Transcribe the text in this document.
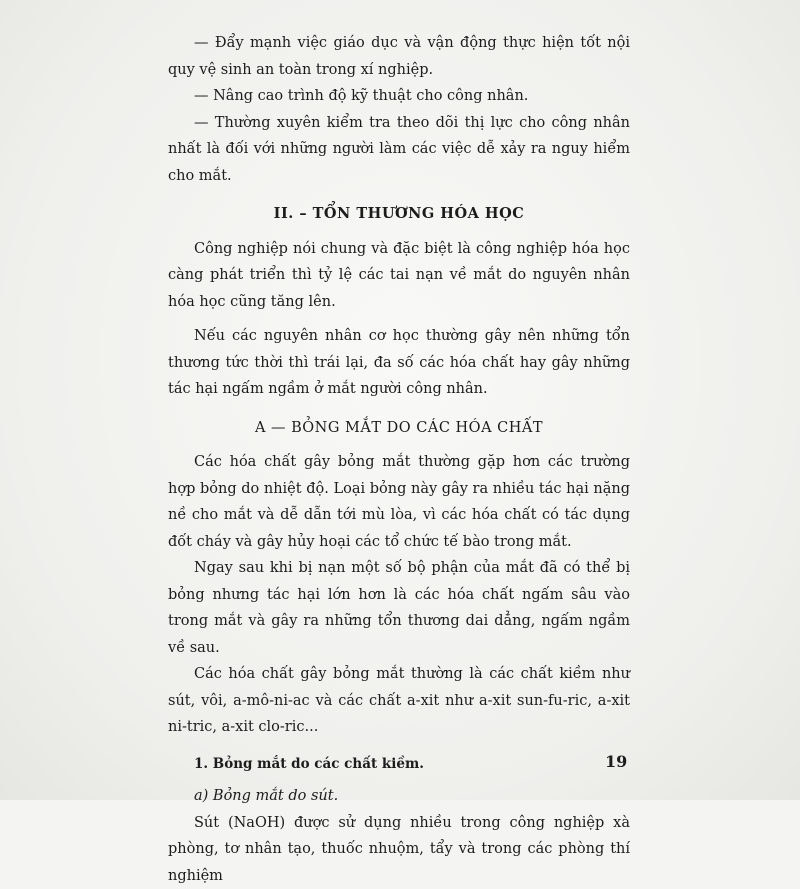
— Đẩy mạnh việc giáo dục và vận động thực hiện tốt nội quy vệ sinh an toàn trong xí nghiệp.

— Nâng cao trình độ kỹ thuật cho công nhân.

— Thường xuyên kiểm tra theo dõi thị lực cho công nhân nhất là đối với những người làm các việc dễ xảy ra nguy hiểm cho mắt.

II. – TỔN THƯƠNG HÓA HỌC

Công nghiệp nói chung và đặc biệt là công nghiệp hóa học càng phát triển thì tỷ lệ các tai nạn về mắt do nguyên nhân hóa học cũng tăng lên.

Nếu các nguyên nhân cơ học thường gây nên những tổn thương tức thời thì trái lại, đa số các hóa chất hay gây những tác hại ngấm ngầm ở mắt người công nhân.

A — BỎNG MẮT DO CÁC HÓA CHẤT

Các hóa chất gây bỏng mắt thường gặp hơn các trường hợp bỏng do nhiệt độ. Loại bỏng này gây ra nhiều tác hại nặng nề cho mắt và dễ dẫn tới mù lòa, vì các hóa chất có tác dụng đốt cháy và gây hủy hoại các tổ chức tế bào trong mắt.

Ngay sau khi bị nạn một số bộ phận của mắt đã có thể bị bỏng nhưng tác hại lớn hơn là các hóa chất ngấm sâu vào trong mắt và gây ra những tổn thương dai dẳng, ngấm ngầm về sau.

Các hóa chất gây bỏng mắt thường là các chất kiềm như sút, vôi, a-mô-ni-ac và các chất a-xit như a-xit sun-fu-ric, a-xit ni-tric, a-xit clo-ric...

1. Bỏng mắt do các chất kiềm.

a) Bỏng mắt do sút.

Sút (NaOH) được sử dụng nhiều trong công nghiệp xà phòng, tơ nhân tạo, thuốc nhuộm, tẩy và trong các phòng thí nghiệm

19
